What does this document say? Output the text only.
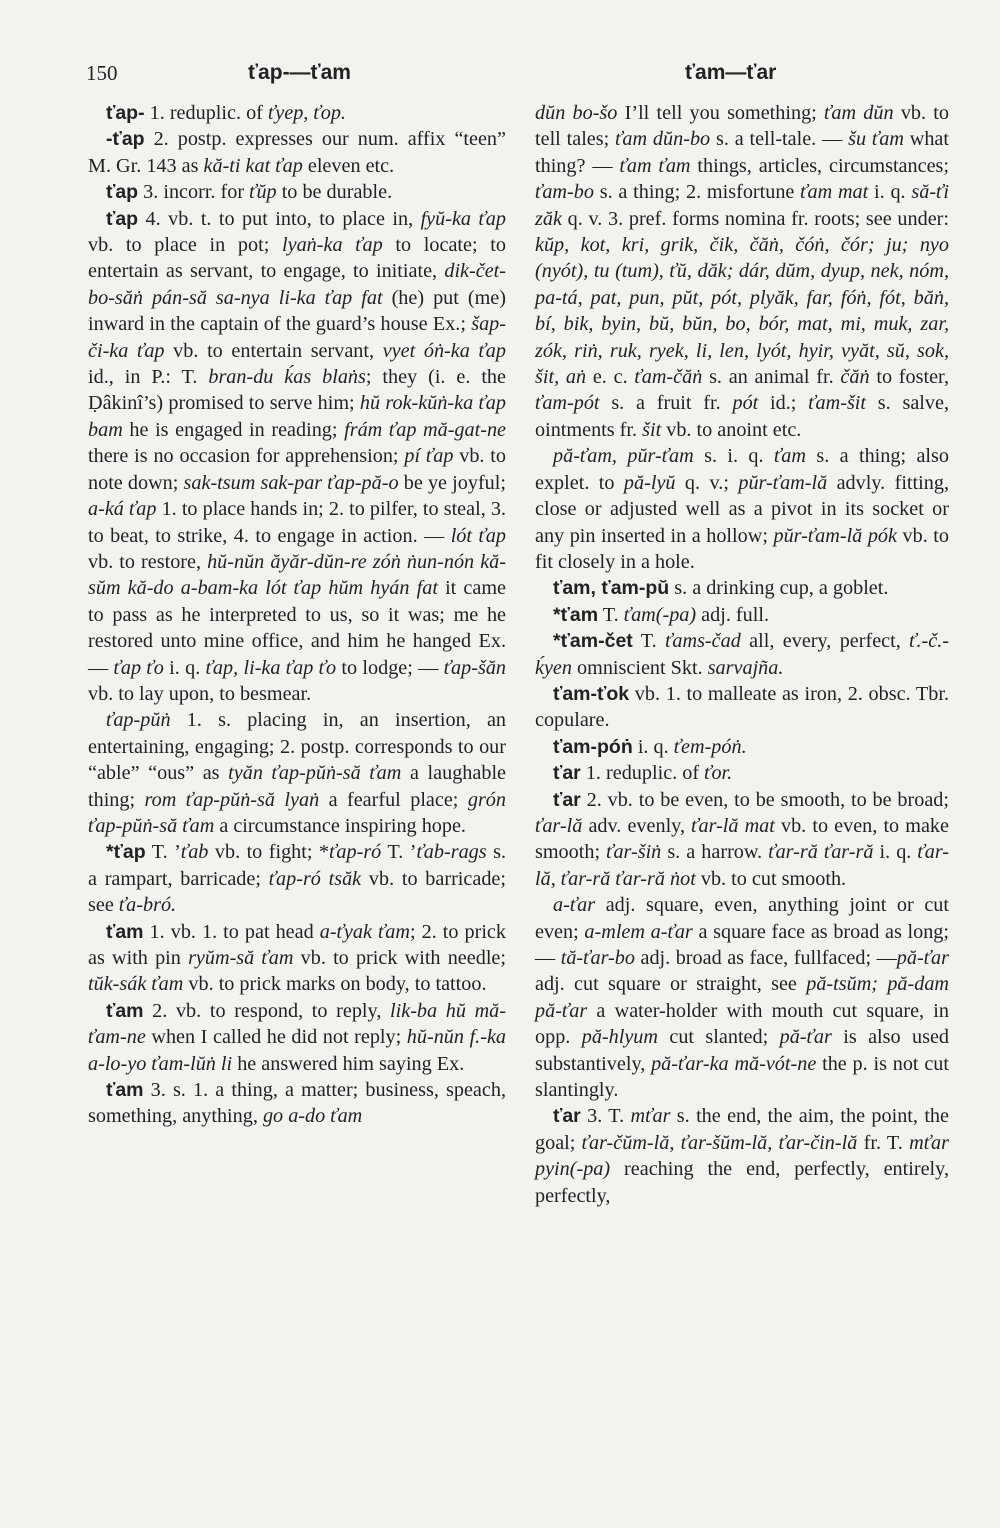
150	ťap-—ťam	ťam—ťar

ťap- 1. reduplic. of ťyep, ťop.

-ťap 2. postp. expresses our num. affix “teen” M. Gr. 143 as kă-ti kat ťap eleven etc.

ťap 3. incorr. for ťŭp to be durable.

ťap 4. vb. t. to put into, to place in, fyŭ-ka ťap vb. to place in pot; lyaṅ-ka ťap to locate; to entertain as servant, to engage, to initiate, dik-čet-bo-săṅ pán-să sa-nya li-ka ťap fat (he) put (me) inward in the captain of the guard’s house Ex.; šap-či-ka ťap vb. to entertain servant, vyet óṅ-ka ťap id., in P.: T. bran-du ḱas blaṅs; they (i. e. the Ḍâkinî’s) promised to serve him; hŭ rok-kŭṅ-ka ťap bam he is engaged in reading; frám ťap mă-gat-ne there is no occasion for apprehension; pí ťap vb. to note down; sak-tsum sak-par ťap-pă-o be ye joyful; a-ká ťap 1. to place hands in; 2. to pilfer, to steal, 3. to beat, to strike, 4. to engage in action. — lót ťap vb. to restore, hŭ-nŭn ăyăr-dŭn-re zóṅ ṅun-nón kă-sŭm kă-do a-bam-ka lót ťap hŭm hyán fat it came to pass as he interpreted to us, so it was; me he restored unto mine office, and him he hanged Ex. — ťap ťo i. q. ťap, li-ka ťap ťo to lodge; — ťap-šăn vb. to lay upon, to besmear.

ťap-pŭṅ 1. s. placing in, an insertion, an entertaining, engaging; 2. postp. corresponds to our “able” “ous” as tyăn ťap-pŭṅ-să ťam a laughable thing; rom ťap-pŭṅ-să lyaṅ a fearful place; grón ťap-pŭṅ-să ťam a circumstance inspiring hope.

*ťap T. ’ťab vb. to fight; *ťap-ró T. ’ťab-rags s. a rampart, barricade; ťap-ró tsăk vb. to barricade; see ťa-bró.

ťam 1. vb. 1. to pat head a-ťyak ťam; 2. to prick as with pin ryŭm-să ťam vb. to prick with needle; tŭk-sák ťam vb. to prick marks on body, to tattoo.

ťam 2. vb. to respond, to reply, lik-ba hŭ mă-ťam-ne when I called he did not reply; hŭ-nŭn f.-ka a-lo-yo ťam-lŭṅ li he answered him saying Ex.

ťam 3. s. 1. a thing, a matter; business, speach, something, anything, go a-do ťam

dŭn bo-šo I’ll tell you something; ťam dŭn vb. to tell tales; ťam dŭn-bo s. a tell-tale. — šu ťam what thing? — ťam ťam things, articles, circumstances; ťam-bo s. a thing; 2. misfortune ťam mat i. q. să-ťi zăk q. v. 3. pref. forms nomina fr. roots; see under: kŭp, kot, kri, grik, čik, čăṅ, čóṅ, čór; ju; nyo (nyót), tu (tum), ťŭ, dăk; dár, dŭm, dyup, nek, nóm, pa-tá, pat, pun, pŭt, pót, plyăk, far, fóṅ, fót, băṅ, bí, bik, byin, bŭ, bŭn, bo, bór, mat, mi, muk, zar, zók, riṅ, ruk, ryek, li, len, lyót, hyir, vyăt, sŭ, sok, šit, aṅ e. c. ťam-čăṅ s. an animal fr. čăṅ to foster, ťam-pót s. a fruit fr. pót id.; ťam-šit s. salve, ointments fr. šit vb. to anoint etc.

pă-ťam, pŭr-ťam s. i. q. ťam s. a thing; also explet. to pă-lyŭ q. v.; pŭr-ťam-lă advly. fitting, close or adjusted well as a pivot in its socket or any pin inserted in a hollow; pŭr-ťam-lă pók vb. to fit closely in a hole.

ťam, ťam-pŭ s. a drinking cup, a goblet.

*ťam T. ťam(-pa) adj. full.

*ťam-čet T. ťams-čad all, every, perfect, ť.-č.-ḱyen omniscient Skt. sarvajña.

ťam-ťok vb. 1. to malleate as iron, 2. obsc. Tbr. copulare.

ťam-póṅ i. q. ťem-póṅ.

ťar 1. reduplic. of ťor.

ťar 2. vb. to be even, to be smooth, to be broad; ťar-lă adv. evenly, ťar-lă mat vb. to even, to make smooth; ťar-šiṅ s. a harrow. ťar-ră ťar-ră i. q. ťar-lă, ťar-ră ťar-ră ṅot vb. to cut smooth.

a-ťar adj. square, even, anything joint or cut even; a-mlem a-ťar a square face as broad as long; — tă-ťar-bo adj. broad as face, fullfaced; —pă-ťar adj. cut square or straight, see pă-tsŭm; pă-dam pă-ťar a water-holder with mouth cut square, in opp. pă-hlyum cut slanted; pă-ťar is also used substantively, pă-ťar-ka mă-vót-ne the p. is not cut slantingly.

ťar 3. T. mťar s. the end, the aim, the point, the goal; ťar-čŭm-lă, ťar-šŭm-lă, ťar-čin-lă fr. T. mťar pyin(-pa) reaching the end, perfectly, entirely, perfectly,
